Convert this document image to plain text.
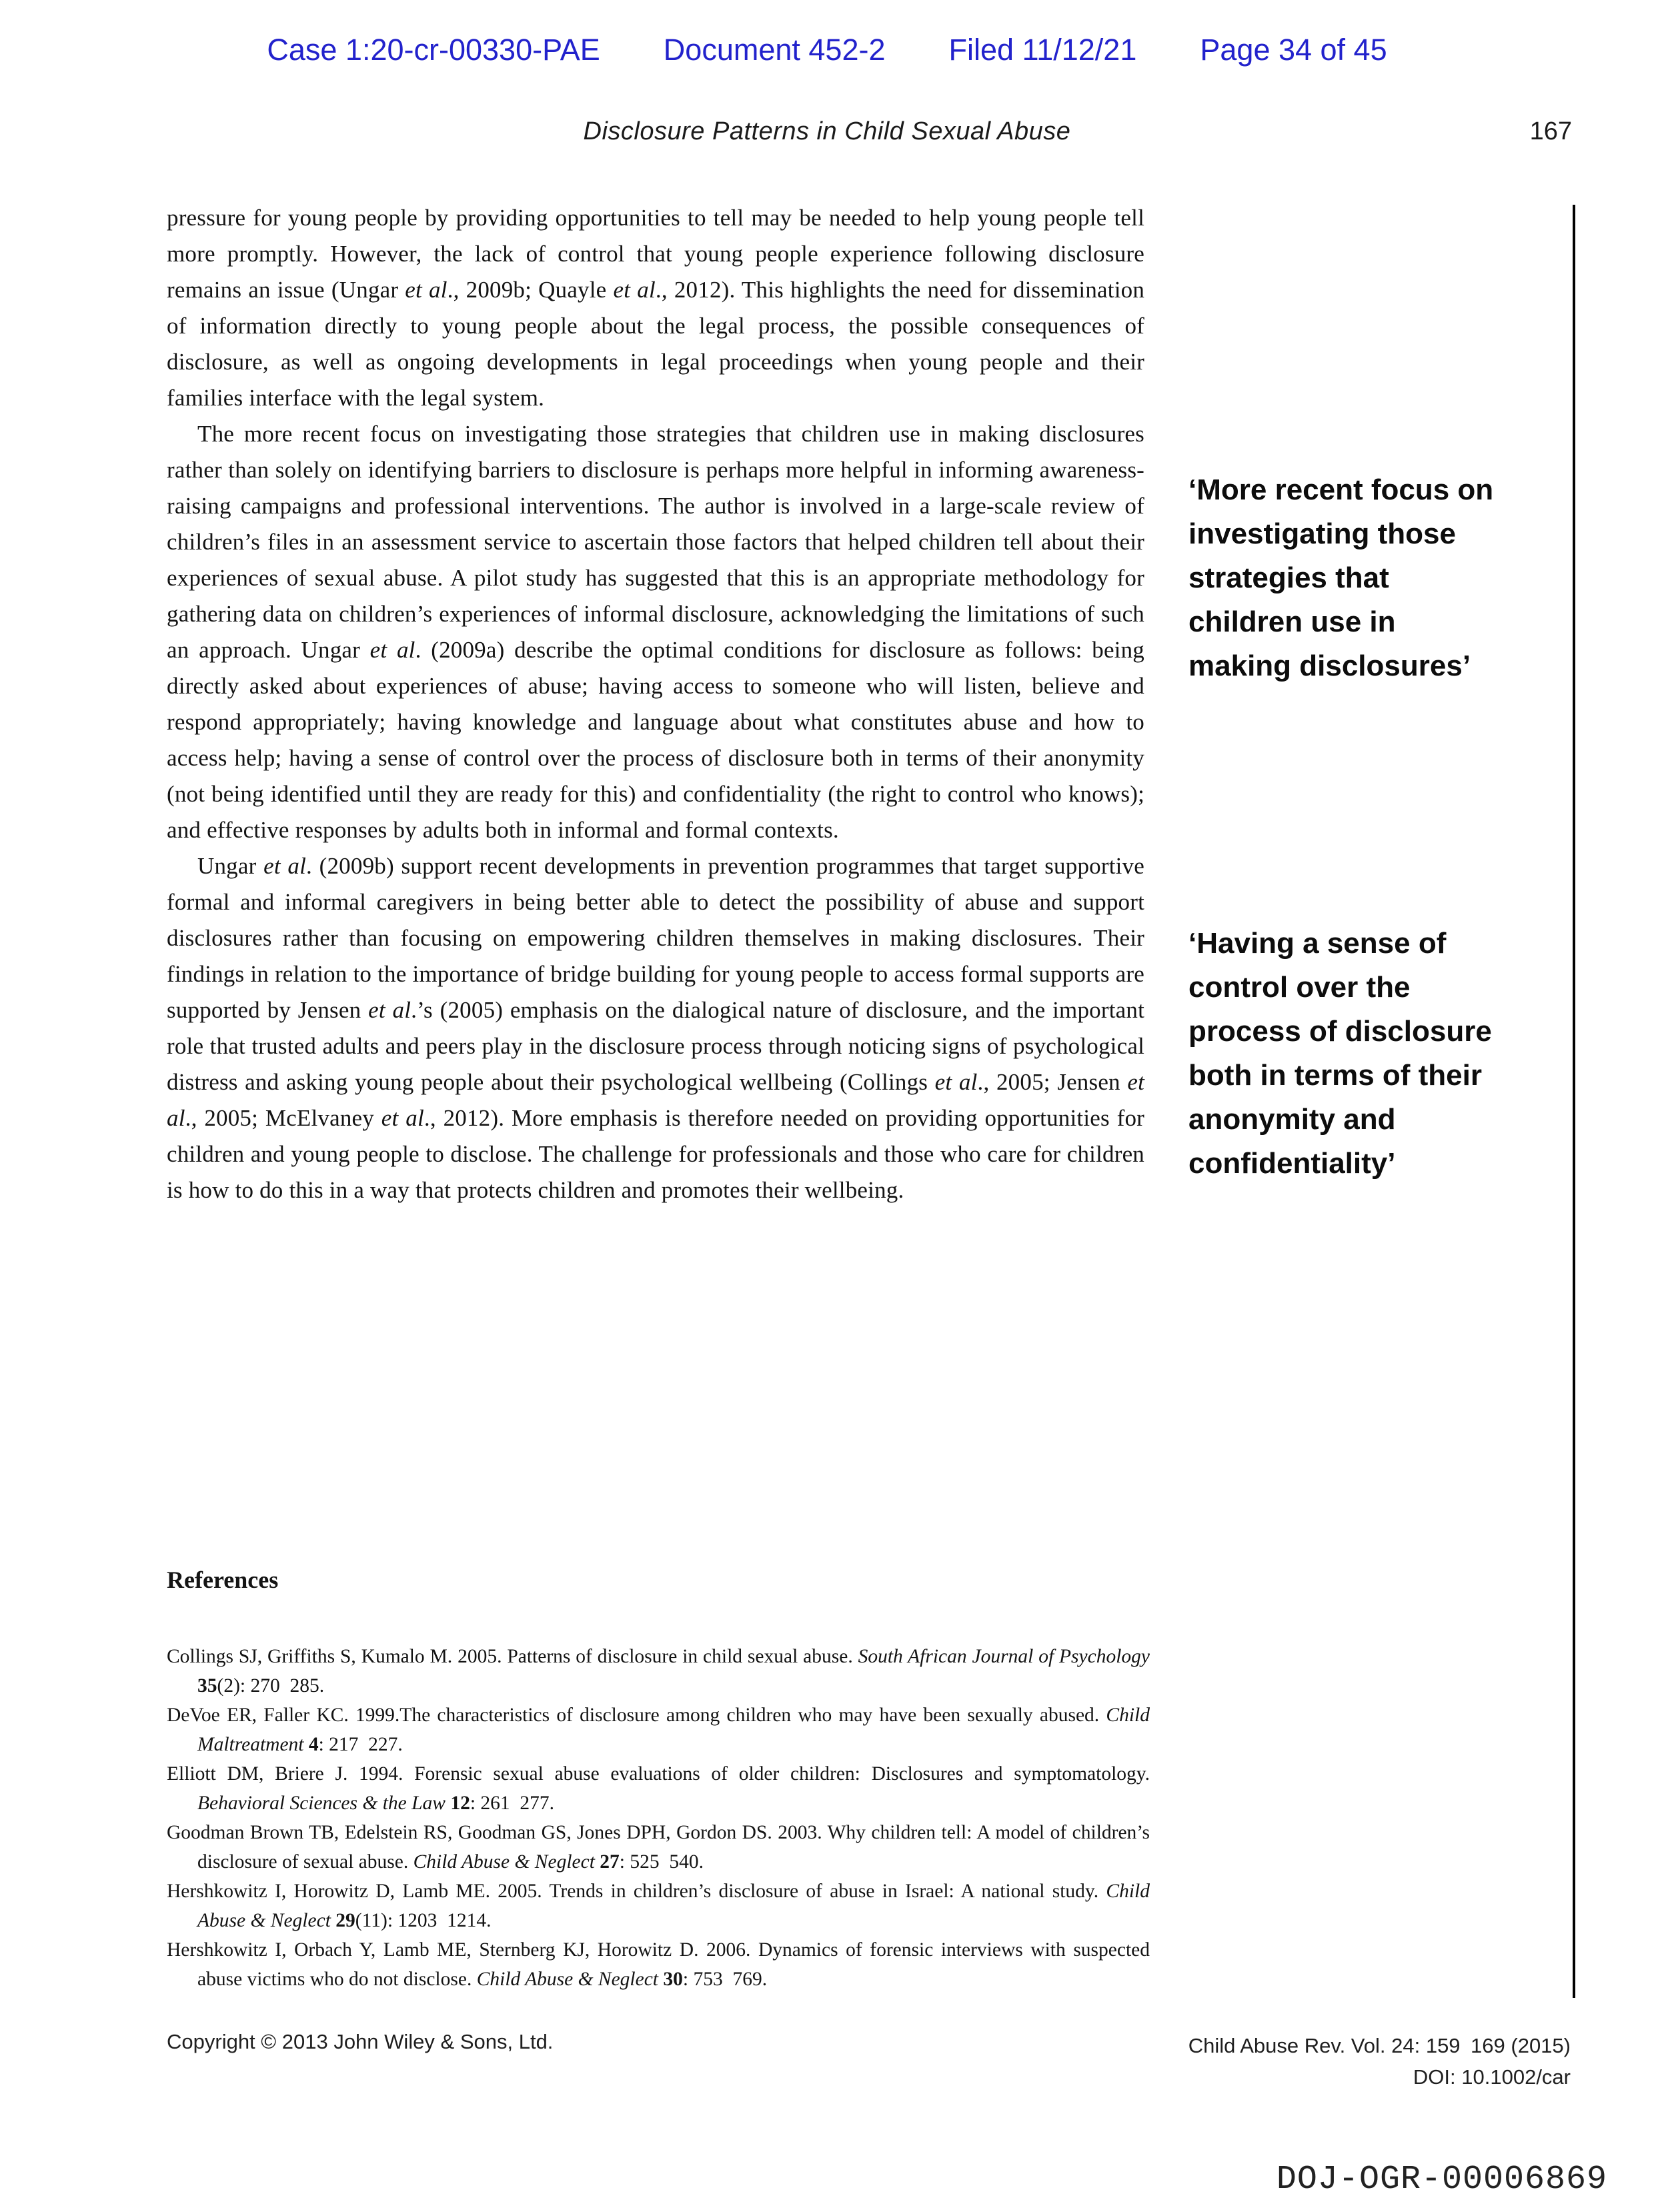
Case 1:20-cr-00330-PAE Document 452-2 Filed 11/12/21 Page 34 of 45
Disclosure Patterns in Child Sexual Abuse	167

pressure for young people by providing opportunities to tell may be needed to help young people tell more promptly. However, the lack of control that young people experience following disclosure remains an issue (Ungar et al., 2009b; Quayle et al., 2012). This highlights the need for dissemination of information directly to young people about the legal process, the possible consequences of disclosure, as well as ongoing developments in legal proceedings when young people and their families interface with the legal system.

The more recent focus on investigating those strategies that children use in making disclosures rather than solely on identifying barriers to disclosure is perhaps more helpful in informing awareness-raising campaigns and professional interventions. The author is involved in a large-scale review of children’s files in an assessment service to ascertain those factors that helped children tell about their experiences of sexual abuse. A pilot study has suggested that this is an appropriate methodology for gathering data on children’s experiences of informal disclosure, acknowledging the limitations of such an approach. Ungar et al. (2009a) describe the optimal conditions for disclosure as follows: being directly asked about experiences of abuse; having access to someone who will listen, believe and respond appropriately; having knowledge and language about what constitutes abuse and how to access help; having a sense of control over the process of disclosure both in terms of their anonymity (not being identified until they are ready for this) and confidentiality (the right to control who knows); and effective responses by adults both in informal and formal contexts.

Ungar et al. (2009b) support recent developments in prevention programmes that target supportive formal and informal caregivers in being better able to detect the possibility of abuse and support disclosures rather than focusing on empowering children themselves in making disclosures. Their findings in relation to the importance of bridge building for young people to access formal supports are supported by Jensen et al.’s (2005) emphasis on the dialogical nature of disclosure, and the important role that trusted adults and peers play in the disclosure process through noticing signs of psychological distress and asking young people about their psychological wellbeing (Collings et al., 2005; Jensen et al., 2005; McElvaney et al., 2012). More emphasis is therefore needed on providing opportunities for children and young people to disclose. The challenge for professionals and those who care for children is how to do this in a way that protects children and promotes their wellbeing.

‘More recent focus on
investigating those
strategies that
children use in
making disclosures’
‘Having a sense of
control over the
process of disclosure
both in terms of their
anonymity and
confidentiality’
References

Collings SJ, Griffiths S, Kumalo M. 2005. Patterns of disclosure in child sexual abuse. South African Journal of Psychology 35(2): 270 285.

DeVoe ER, Faller KC. 1999.The characteristics of disclosure among children who may have been sexually abused. Child Maltreatment 4: 217 227.

Elliott DM, Briere J. 1994. Forensic sexual abuse evaluations of older children: Disclosures and symptomatology. Behavioral Sciences & the Law 12: 261 277.

Goodman Brown TB, Edelstein RS, Goodman GS, Jones DPH, Gordon DS. 2003. Why children tell: A model of children’s disclosure of sexual abuse. Child Abuse & Neglect 27: 525 540.

Hershkowitz I, Horowitz D, Lamb ME. 2005. Trends in children’s disclosure of abuse in Israel: A national study. Child Abuse & Neglect 29(11): 1203 1214.

Hershkowitz I, Orbach Y, Lamb ME, Sternberg KJ, Horowitz D. 2006. Dynamics of forensic interviews with suspected abuse victims who do not disclose. Child Abuse & Neglect 30: 753 769.

Copyright © 2013 John Wiley & Sons, Ltd.	Child Abuse Rev. Vol. 24: 159 169 (2015)
DOI: 10.1002/car
DOJ-OGR-00006869
